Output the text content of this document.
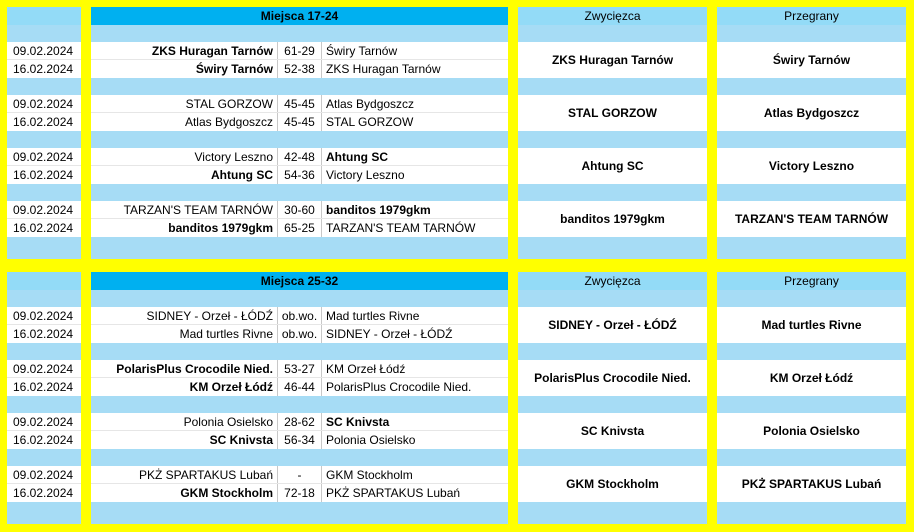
09.02.2024
16.02.2024
09.02.2024
16.02.2024
09.02.2024
16.02.2024
09.02.2024
16.02.2024
Miejsca 17-24
ZKS Huragan Tarnów 61-29 Świry Tarnów
Świry Tarnów 52-38 ZKS Huragan Tarnów
STAL GORZOW 45-45 Atlas Bydgoszcz
Atlas Bydgoszcz 45-45 STAL GORZOW
Victory Leszno 42-48 Ahtung SC
Ahtung SC 54-36 Victory Leszno
TARZAN'S TEAM TARNÓW 30-60 banditos 1979gkm
banditos 1979gkm 65-25 TARZAN'S TEAM TARNÓW
Zwycięzca
ZKS Huragan Tarnów
STAL GORZOW
Ahtung SC
banditos 1979gkm
Przegrany
Świry Tarnów
Atlas Bydgoszcz
Victory Leszno
TARZAN'S TEAM TARNÓW
09.02.2024
16.02.2024
09.02.2024
16.02.2024
09.02.2024
16.02.2024
09.02.2024
16.02.2024
Miejsca 25-32
SIDNEY - Orzeł - ŁÓDŹ ob.wo. Mad turtles Rivne
Mad turtles Rivne ob.wo. SIDNEY - Orzeł - ŁÓDŹ
PolarisPlus Crocodile Nied. 53-27 KM Orzeł Łódź
KM Orzeł Łódź 46-44 PolarisPlus Crocodile Nied.
Polonia Osielsko 28-62 SC Knivsta
SC Knivsta 56-34 Polonia Osielsko
PKŻ SPARTAKUS Lubań	-	GKM Stockholm
GKM Stockholm 72-18 PKŻ SPARTAKUS Lubań
Zwycięzca
SIDNEY - Orzeł - ŁÓDŹ
PolarisPlus Crocodile Nied.
SC Knivsta
GKM Stockholm
Przegrany
Mad turtles Rivne
KM Orzeł Łódź
Polonia Osielsko
PKŻ SPARTAKUS Lubań
